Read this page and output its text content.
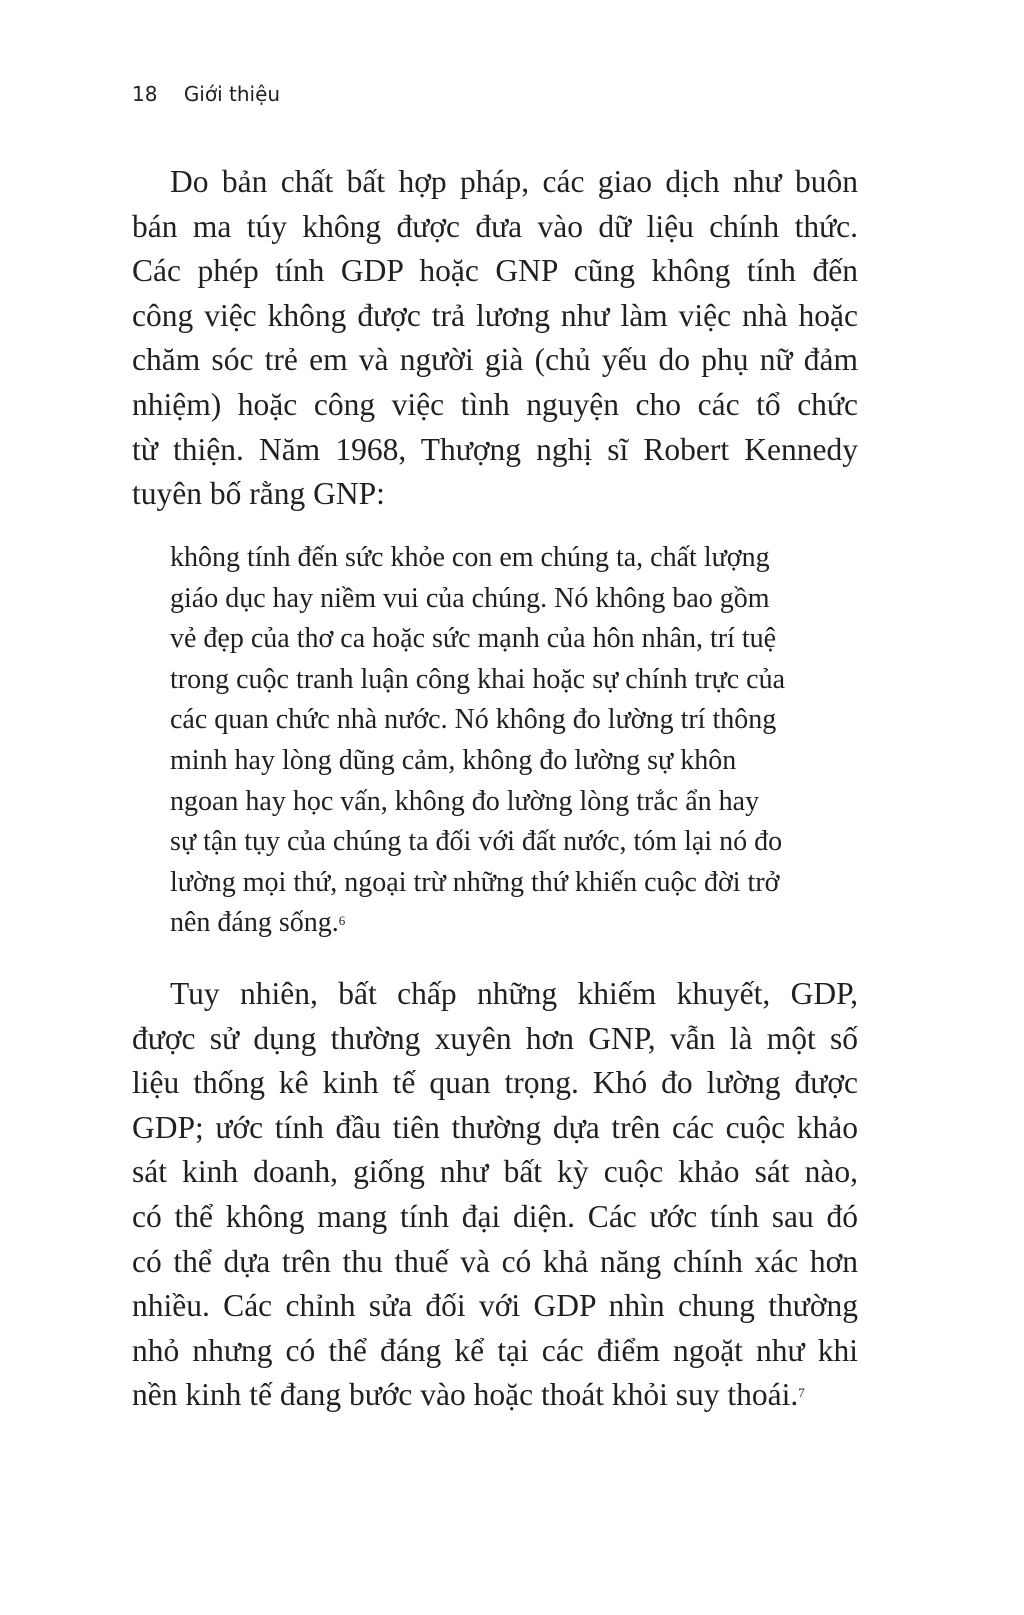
18 Giới thiệu

Do bản chất bất hợp pháp, các giao dịch như buôn
bán ma túy không được đưa vào dữ liệu chính thức.
Các phép tính GDP hoặc GNP cũng không tính đến
công việc không được trả lương như làm việc nhà hoặc
chăm sóc trẻ em và người già (chủ yếu do phụ nữ đảm
nhiệm) hoặc công việc tình nguyện cho các tổ chức
từ thiện. Năm 1968, Thượng nghị sĩ Robert Kennedy
tuyên bố rằng GNP:

không tính đến sức khỏe con em chúng ta, chất lượng
giáo dục hay niềm vui của chúng. Nó không bao gồm
vẻ đẹp của thơ ca hoặc sức mạnh của hôn nhân, trí tuệ
trong cuộc tranh luận công khai hoặc sự chính trực của
các quan chức nhà nước. Nó không đo lường trí thông
minh hay lòng dũng cảm, không đo lường sự khôn
ngoan hay học vấn, không đo lường lòng trắc ẩn hay
sự tận tụy của chúng ta đối với đất nước, tóm lại nó đo
lường mọi thứ, ngoại trừ những thứ khiến cuộc đời trở
nên đáng sống.$^6$

Tuy nhiên, bất chấp những khiếm khuyết, GDP,
được sử dụng thường xuyên hơn GNP, vẫn là một số
liệu thống kê kinh tế quan trọng. Khó đo lường được
GDP; ước tính đầu tiên thường dựa trên các cuộc khảo
sát kinh doanh, giống như bất kỳ cuộc khảo sát nào,
có thể không mang tính đại diện. Các ước tính sau đó
có thể dựa trên thu thuế và có khả năng chính xác hơn
nhiều. Các chỉnh sửa đối với GDP nhìn chung thường
nhỏ nhưng có thể đáng kể tại các điểm ngoặt như khi
nền kinh tế đang bước vào hoặc thoát khỏi suy thoái.$^7$
